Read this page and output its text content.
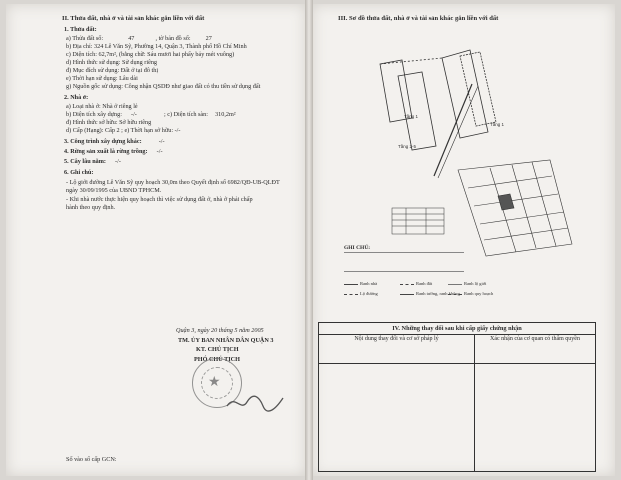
II. Thửa đất, nhà ở và tài sản khác gắn liền với đất
1. Thửa đất:
a) Thửa đất số:	47	, tờ bản đồ số: 27
b) Địa chỉ: 324 Lê Văn Sỹ, Phường 14, Quận 3, Thành phố Hồ Chí Minh
c) Diện tích: 62,7m², (bằng chữ: Sáu mươi hai phẩy bảy mét vuông)
d) Hình thức sử dụng: Sử dụng riêng
đ) Mục đích sử dụng: Đất ở tại đô thị
e) Thời hạn sử dụng: Lâu dài
g) Nguồn gốc sử dụng: Công nhận QSDĐ như giao đất có thu tiền sử dụng đất
2. Nhà ở:
a) Loại nhà ở: Nhà ở riêng lẻ
b) Diện tích xây dựng: -/-	; c) Diện tích sàn: 310,2m²
đ) Hình thức sở hữu: Sở hữu riêng
d) Cấp (Hạng): Cấp 2 ; e) Thời hạn sở hữu: -/-
3. Công trình xây dựng khác:	-/-
4. Rừng sản xuất là rừng trồng: -/-
5. Cây lâu năm: -/-
6. Ghi chú:
- Lộ giới đường Lê Văn Sỹ quy hoạch 30,0m theo Quyết định số 6982/QĐ-UB-QLĐT
ngày 30/09/1995 của UBND TPHCM.
- Khi nhà nước thực hiện quy hoạch thì việc sử dụng đất ở, nhà ở phải chấp
hành theo quy định.
Quận 3, ngày 20 tháng 5 năm 2005
TM. ỦY BAN NHÂN DÂN QUẬN 3
KT. CHỦ TỊCH
PHÓ CHỦ TỊCH
★
Số vào sổ cấp GCN:
III. Sơ đồ thửa đất, nhà ở và tài sản khác gắn liền với đất
Tầng 1
Tầng 2-5
Tầng 1
GHI CHÚ:
Ranh nhà	Ranh đất	Ranh lộ giới
Lộ đường	Ranh tường, ranh không Ranh quy hoạch
IV. Những thay đổi sau khi cấp giấy chứng nhận
Nội dung thay đổi và cơ sở pháp lý	Xác nhận của cơ quan có thẩm quyền
